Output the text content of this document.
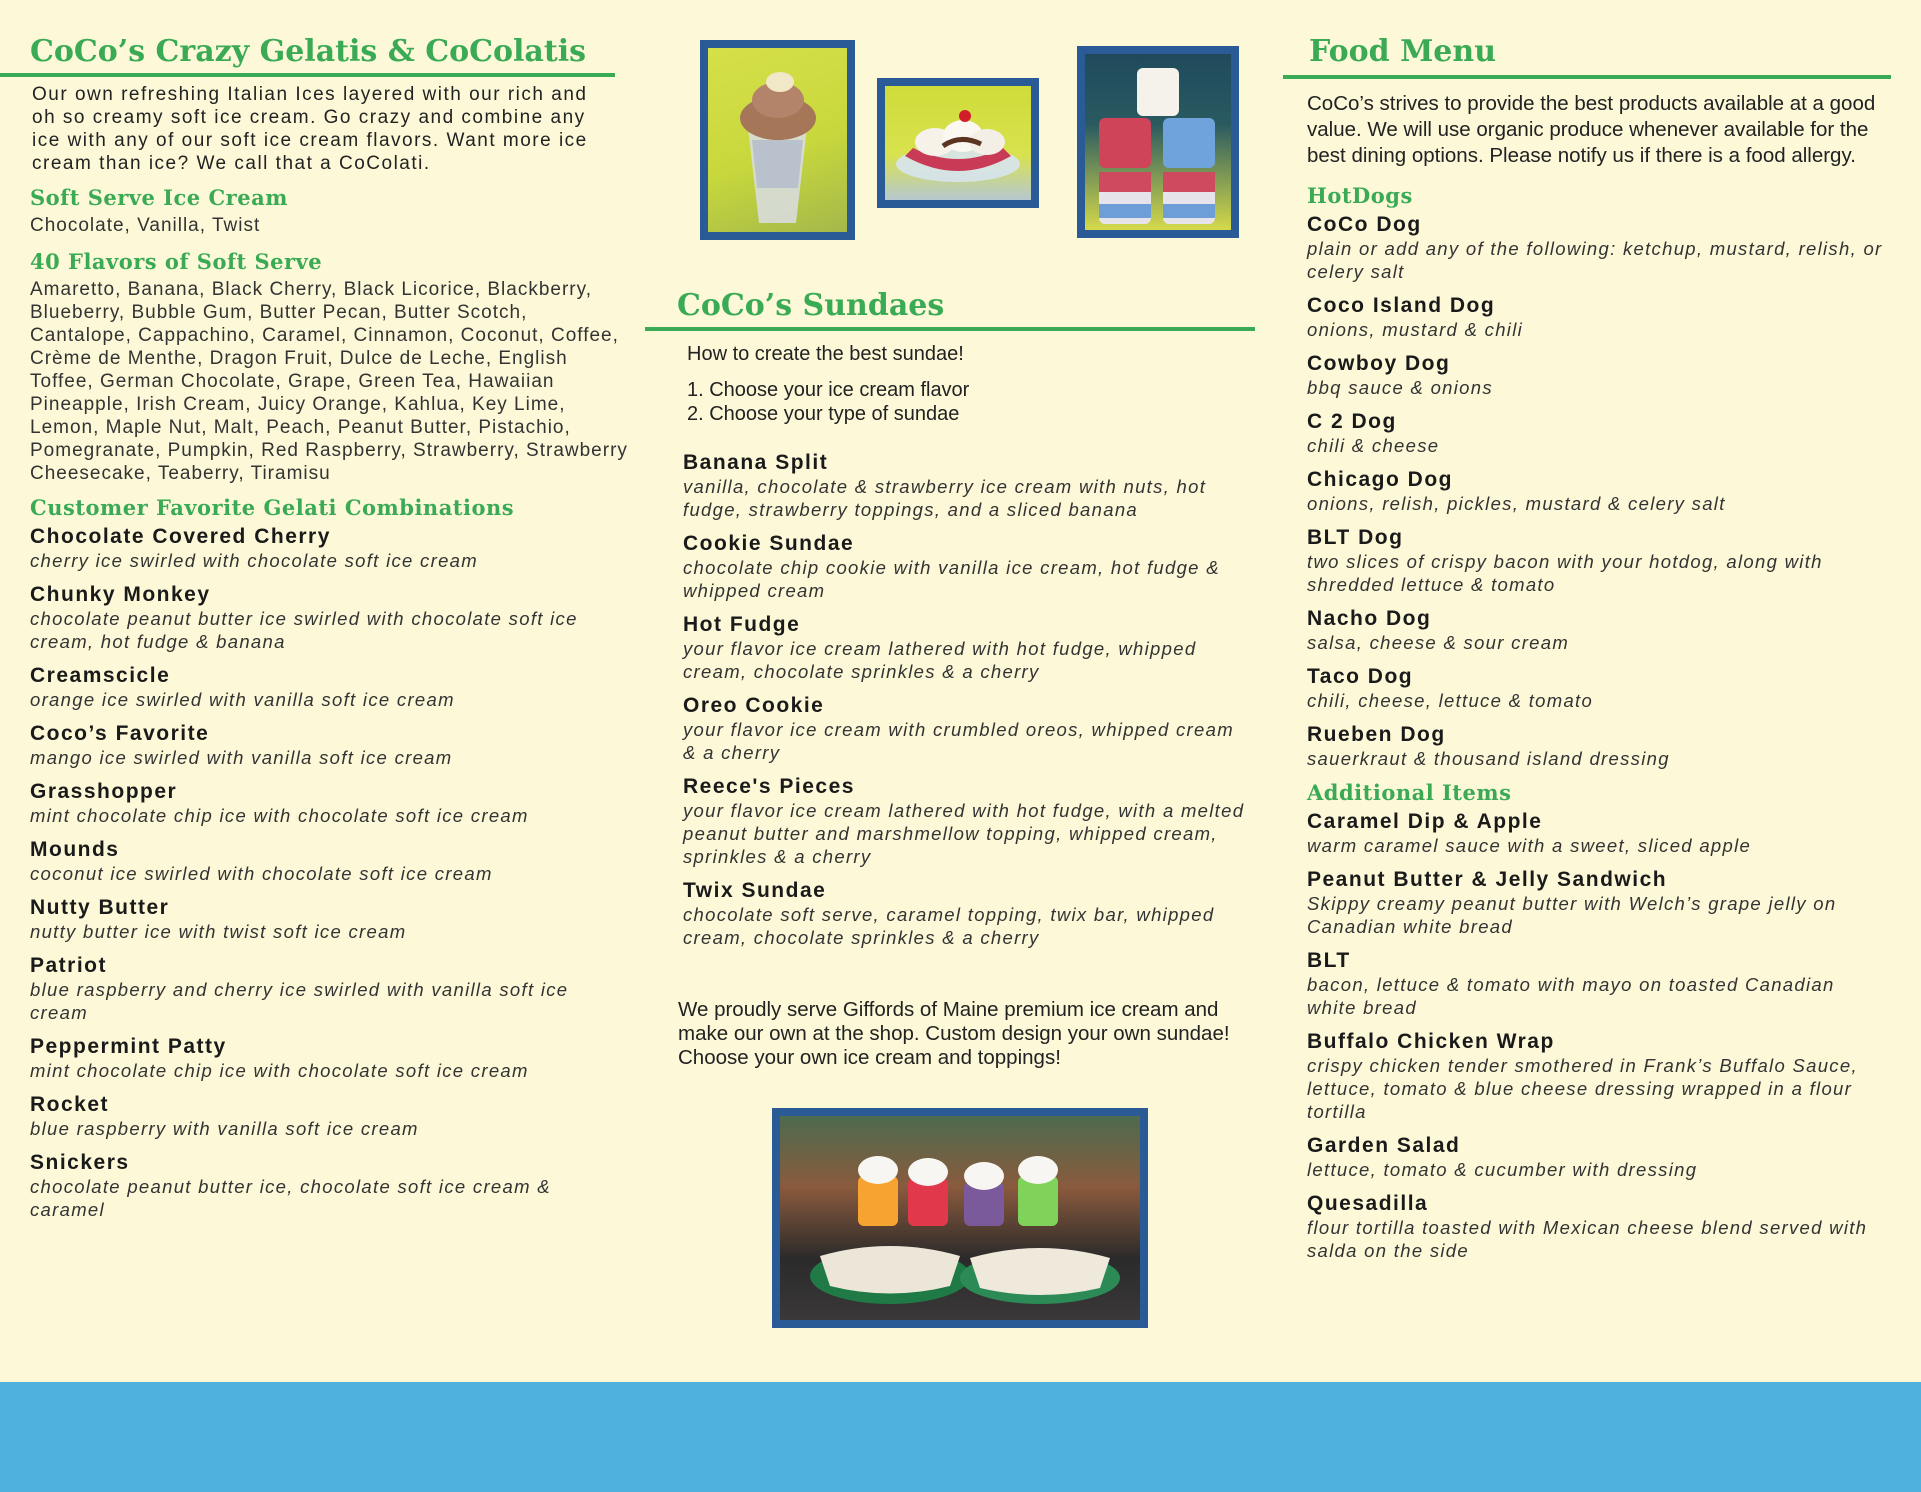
CoCo’s Crazy Gelatis & CoColatis
Our own refreshing Italian Ices layered with our rich and oh so creamy soft ice cream. Go crazy and combine any ice with any of our soft ice cream flavors. Want more ice cream than ice? We call that a CoColati.
Soft Serve Ice Cream
Chocolate, Vanilla, Twist
40 Flavors of Soft Serve
Amaretto, Banana, Black Cherry, Black Licorice, Blackberry, Blueberry, Bubble Gum, Butter Pecan, Butter Scotch, Cantalope, Cappachino, Caramel, Cinnamon, Coconut, Coffee, Crème de Menthe, Dragon Fruit, Dulce de Leche, English Toffee, German Chocolate, Grape, Green Tea, Hawaiian Pineapple, Irish Cream, Juicy Orange, Kahlua, Key Lime, Lemon, Maple Nut, Malt, Peach, Peanut Butter, Pistachio, Pomegranate, Pumpkin, Red Raspberry, Strawberry, Strawberry Cheesecake, Teaberry, Tiramisu
Customer Favorite Gelati Combinations
Chocolate Covered Cherry
cherry ice swirled with chocolate soft ice cream
Chunky Monkey
chocolate peanut butter ice swirled with chocolate soft ice cream, hot fudge & banana
Creamscicle
orange ice swirled with vanilla soft ice cream
Coco’s Favorite
mango ice swirled with vanilla soft ice cream
Grasshopper
mint chocolate chip ice with chocolate soft ice cream
Mounds
coconut ice swirled with chocolate soft ice cream
Nutty Butter
nutty butter ice with twist soft ice cream
Patriot
blue raspberry and cherry ice swirled with vanilla soft ice cream
Peppermint Patty
mint chocolate chip ice with chocolate soft ice cream
Rocket
blue raspberry with vanilla soft ice cream
Snickers
chocolate peanut butter ice, chocolate soft ice cream & caramel
CoCo’s Sundaes
How to create the best sundae!
1. Choose your ice cream flavor
2. Choose your type of sundae
Banana Split
vanilla, chocolate & strawberry ice cream with nuts, hot fudge, strawberry toppings, and a sliced banana
Cookie Sundae
chocolate chip cookie with vanilla ice cream, hot fudge & whipped cream
Hot Fudge
your flavor ice cream lathered with hot fudge, whipped cream, chocolate sprinkles & a cherry
Oreo Cookie
your flavor ice cream with crumbled oreos, whipped cream & a cherry
Reece's Pieces
your flavor ice cream lathered with hot fudge, with a melted peanut butter and marshmellow topping, whipped cream, sprinkles & a cherry
Twix Sundae
chocolate soft serve, caramel topping, twix bar, whipped cream, chocolate sprinkles & a cherry
We proudly serve Giffords of Maine premium ice cream and make our own at the shop. Custom design your own sundae! Choose your own ice cream and toppings!
Food Menu
CoCo’s strives to provide the best products available at a good value. We will use organic produce whenever available for the best dining options. Please notify us if there is a food allergy.
HotDogs
CoCo Dog
plain or add any of the following: ketchup, mustard, relish, or celery salt
Coco Island Dog
onions, mustard & chili
Cowboy Dog
bbq sauce & onions
C 2 Dog
chili & cheese
Chicago Dog
onions, relish, pickles, mustard & celery salt
BLT Dog
two slices of crispy bacon with your hotdog, along with shredded lettuce & tomato
Nacho Dog
salsa, cheese & sour cream
Taco Dog
chili, cheese, lettuce & tomato
Rueben Dog
sauerkraut & thousand island dressing
Additional Items
Caramel Dip & Apple
warm caramel sauce with a sweet, sliced apple
Peanut Butter & Jelly Sandwich
Skippy creamy peanut butter with Welch’s grape jelly on Canadian white bread
BLT
bacon, lettuce & tomato with mayo on toasted Canadian white bread
Buffalo Chicken Wrap
crispy chicken tender smothered in Frank’s Buffalo Sauce, lettuce, tomato & blue cheese dressing wrapped in a flour tortilla
Garden Salad
lettuce, tomato & cucumber with dressing
Quesadilla
flour tortilla toasted with Mexican cheese blend served with salda on the side
